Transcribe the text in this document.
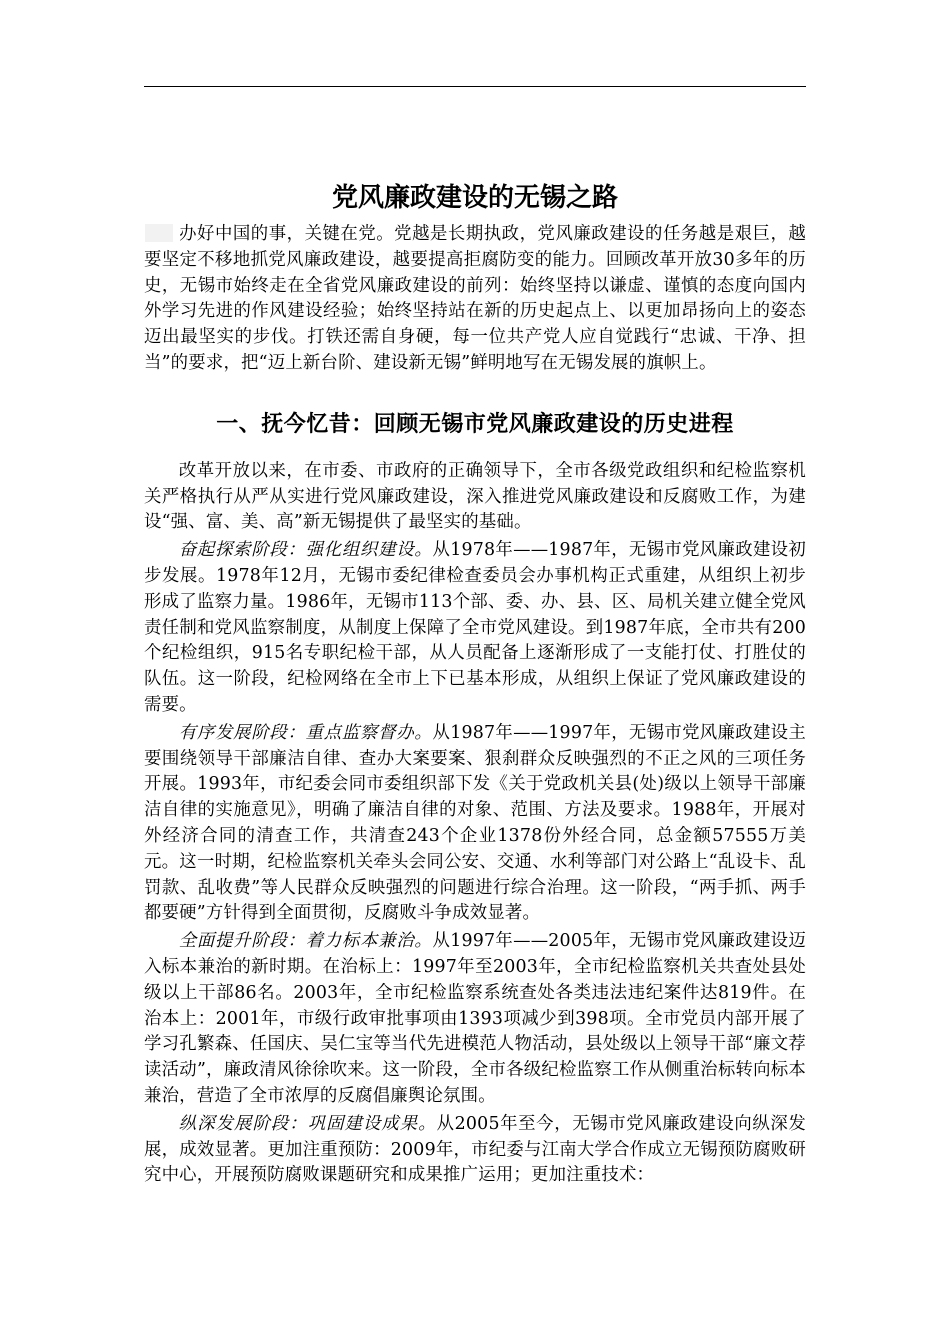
党风廉政建设的无锡之路

办好中国的事，关键在党。党越是长期执政，党风廉政建设的任务越是艰巨，越要坚定不移地抓党风廉政建设，越要提高拒腐防变的能力。回顾改革开放30多年的历史，无锡市始终走在全省党风廉政建设的前列：始终坚持以谦虚、谨慎的态度向国内外学习先进的作风建设经验；始终坚持站在新的历史起点上、以更加昂扬向上的姿态迈出最坚实的步伐。打铁还需自身硬，每一位共产党人应自觉践行“忠诚、干净、担当”的要求，把“迈上新台阶、建设新无锡”鲜明地写在无锡发展的旗帜上。

一、抚今忆昔：回顾无锡市党风廉政建设的历史进程

改革开放以来，在市委、市政府的正确领导下，全市各级党政组织和纪检监察机关严格执行从严从实进行党风廉政建设，深入推进党风廉政建设和反腐败工作，为建设“强、富、美、高”新无锡提供了最坚实的基础。

奋起探索阶段：强化组织建设。从1978年——1987年，无锡市党风廉政建设初步发展。1978年12月，无锡市委纪律检查委员会办事机构正式重建，从组织上初步形成了监察力量。1986年，无锡市113个部、委、办、县、区、局机关建立健全党风责任制和党风监察制度，从制度上保障了全市党风建设。到1987年底，全市共有200个纪检组织，915名专职纪检干部，从人员配备上逐渐形成了一支能打仗、打胜仗的队伍。这一阶段，纪检网络在全市上下已基本形成，从组织上保证了党风廉政建设的需要。

有序发展阶段：重点监察督办。从1987年——1997年，无锡市党风廉政建设主要围绕领导干部廉洁自律、查办大案要案、狠刹群众反映强烈的不正之风的三项任务开展。1993年，市纪委会同市委组织部下发《关于党政机关县(处)级以上领导干部廉洁自律的实施意见》，明确了廉洁自律的对象、范围、方法及要求。1988年，开展对外经济合同的清查工作，共清查243个企业1378份外经合同，总金额57555万美元。这一时期，纪检监察机关牵头会同公安、交通、水利等部门对公路上“乱设卡、乱罚款、乱收费”等人民群众反映强烈的问题进行综合治理。这一阶段，“两手抓、两手都要硬”方针得到全面贯彻，反腐败斗争成效显著。

全面提升阶段：着力标本兼治。从1997年——2005年，无锡市党风廉政建设迈入标本兼治的新时期。在治标上：1997年至2003年，全市纪检监察机关共查处县处级以上干部86名。2003年，全市纪检监察系统查处各类违法违纪案件达819件。在治本上：2001年，市级行政审批事项由1393项减少到398项。全市党员内部开展了学习孔繁森、任国庆、吴仁宝等当代先进模范人物活动，县处级以上领导干部“廉文荐读活动”，廉政清风徐徐吹来。这一阶段，全市各级纪检监察工作从侧重治标转向标本兼治，营造了全市浓厚的反腐倡廉舆论氛围。

纵深发展阶段：巩固建设成果。从2005年至今，无锡市党风廉政建设向纵深发展，成效显著。更加注重预防：2009年，市纪委与江南大学合作成立无锡预防腐败研究中心，开展预防腐败课题研究和成果推广运用；更加注重技术：
